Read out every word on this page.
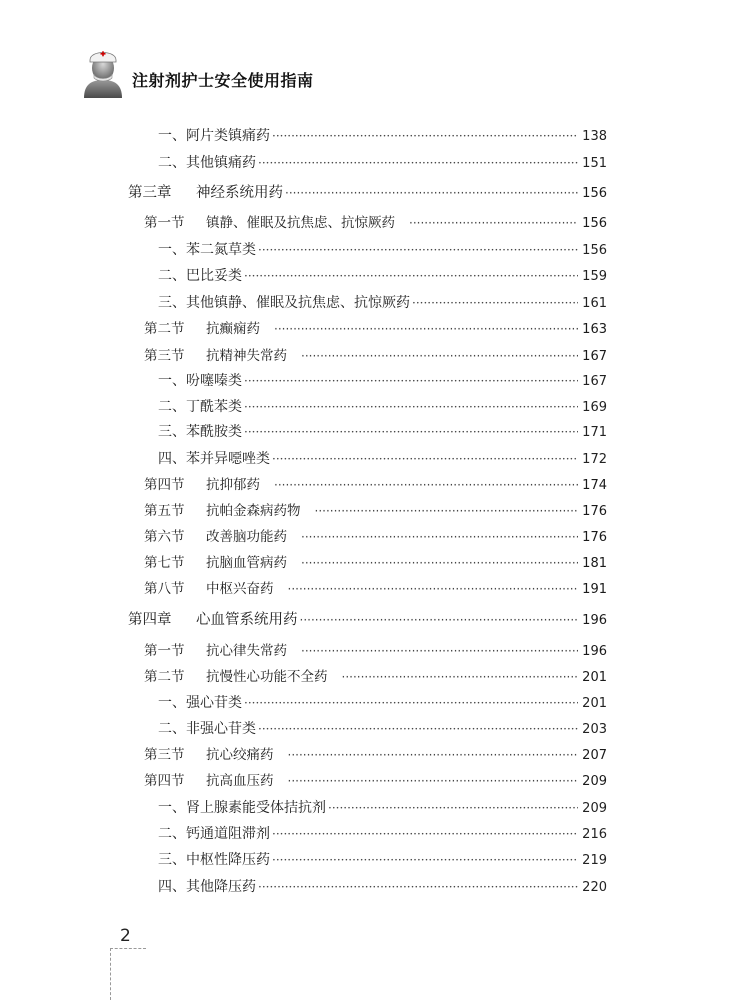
注射剂护士安全使用指南
一、阿片类镇痛药 ·····	138
二、其他镇痛药 ·····	151
第三章 神经系统用药 ·····	156
第一节 镇静、催眠及抗焦虑、抗惊厥药 ·····	156
一、苯二氮草类 ·····	156
二、巴比妥类 ·····	159
三、其他镇静、催眠及抗焦虑、抗惊厥药 ·····	161
第二节 抗癫痫药 ·····	163
第三节 抗精神失常药 ·····	167
一、吩噻嗪类 ·····	167
二、丁酰苯类 ·····	169
三、苯酰胺类 ·····	171
四、苯并异噁唑类 ·····	172
第四节 抗抑郁药 ·····	174
第五节 抗帕金森病药物 ·····	176
第六节 改善脑功能药 ·····	176
第七节 抗脑血管病药 ·····	181
第八节 中枢兴奋药 ·····	191
第四章 心血管系统用药 ·····	196
第一节 抗心律失常药 ·····	196
第二节 抗慢性心功能不全药 ·····	201
一、强心苷类 ·····	201
二、非强心苷类 ·····	203
第三节 抗心绞痛药 ·····	207
第四节 抗高血压药 ·····	209
一、肾上腺素能受体拮抗剂 ·····	209
二、钙通道阻滞剂 ·····	216
三、中枢性降压药 ·····	219
四、其他降压药 ·····	220
2
